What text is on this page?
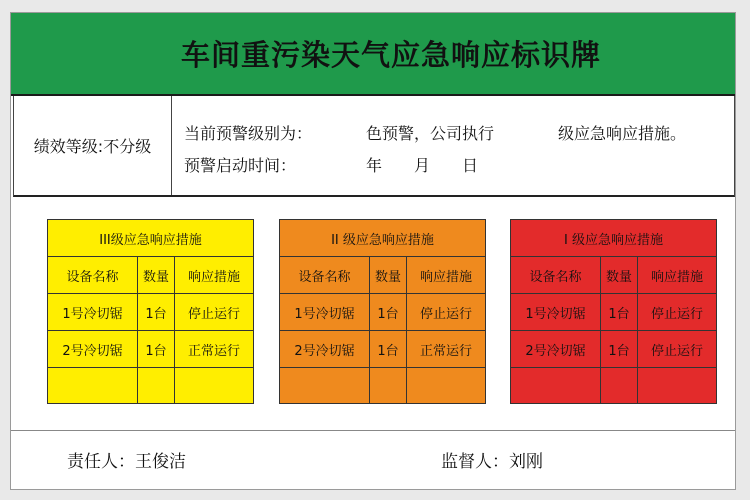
车间重污染天气应急响应标识牌
绩效等级:不分级
当前预警级别为：	色预警，公司执行	级应急响应措施。
预警启动时间：	年 月 日
III级应急响应措施
设备名称	数量	响应措施
1号冷切锯	1台	停止运行
2号冷切锯	1台	正常运行
II 级应急响应措施
设备名称	数量	响应措施
1号冷切锯	1台	停止运行
2号冷切锯	1台	正常运行
I 级应急响应措施
设备名称	数量	响应措施
1号冷切锯	1台	停止运行
2号冷切锯	1台	停止运行
责任人：王俊洁	监督人：刘刚
